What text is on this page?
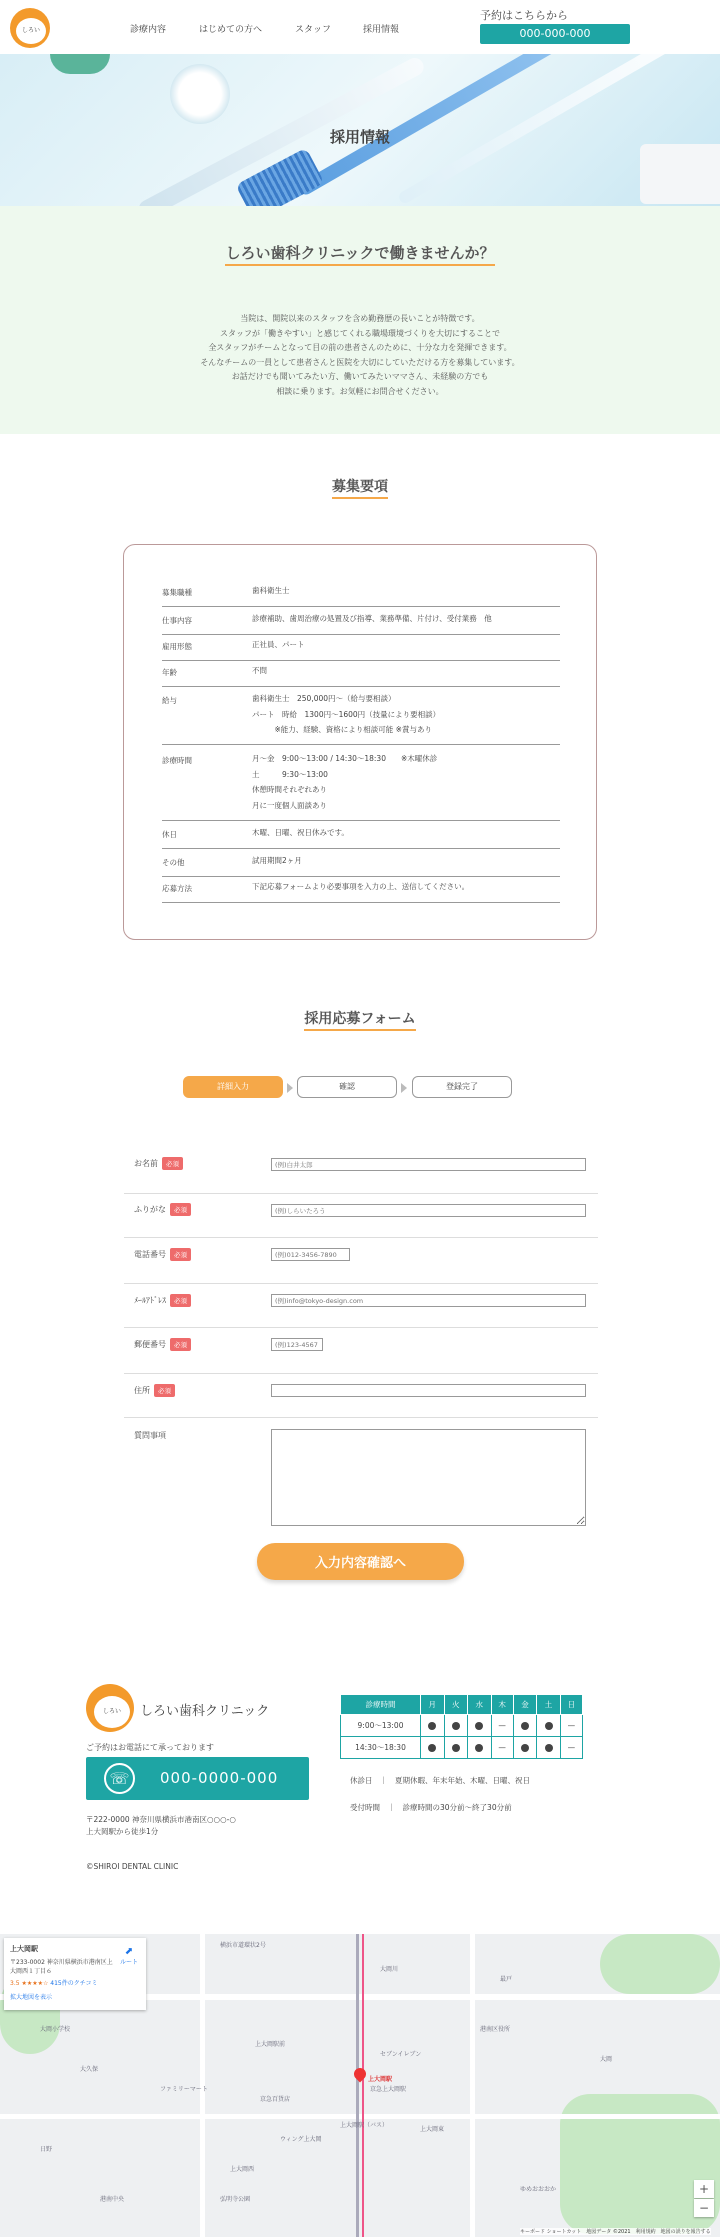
しろい	診療内容	はじめての方へ	スタッフ	採用情報
予約はこちらから
000-000-000
採用情報
しろい歯科クリニックで働きませんか？
当院は、開院以来のスタッフを含め勤務歴の長いことが特徴です。
スタッフが「働きやすい」と感じてくれる職場環境づくりを大切にすることで
全スタッフがチームとなって目の前の患者さんのために、十分な力を発揮できます。
そんなチームの一員として患者さんと医院を大切にしていただける方を募集しています。
お話だけでも聞いてみたい方、働いてみたいママさん、未経験の方でも
相談に乗ります。お気軽にお問合せください。
募集要項
募集職種	歯科衛生士
仕事内容	診療補助、歯周治療の処置及び指導、業務準備、片付け、受付業務　他
雇用形態	正社員、パート
年齢	不問
給与	歯科衛生士　250,000円〜（給与要相談）
パート　時給　1300円〜1600円（技量により要相談）
　　　※能力、経験、資格により相談可能 ※賞与あり
診療時間	月〜金　9:00〜13:00 / 14:30〜18:30　　※木曜休診
土　　　9:30〜13:00
休憩時間それぞれあり
月に一度個人面談あり
休日	木曜、日曜、祝日休みです。
その他	試用期間2ヶ月
応募方法	下記応募フォームより必要事項を入力の上、送信してください。
採用応募フォーム
詳細入力	確認	登録完了
お名前 必須
(例)白井太郎
ふりがな 必須
(例)しらいたろう
電話番号 必須
(例)012-3456-7890
ﾒｰﾙｱﾄﾞﾚｽ 必須
(例)info@tokyo-design.com
郵便番号 必須
(例)123-4567
住所 必須
質問事項
入力内容確認へ
しろい	しろい歯科クリニック
ご予約はお電話にて承っております
☏	000-0000-000
〒222-0000 神奈川県横浜市港南区○○○-○
上大岡駅から徒歩1分
©SHIROI DENTAL CLINIC
診療時間	月	火	水	木	金	土	日
9:00〜13:00				—			—
14:30〜18:30				—			—
休診日　｜　夏期休暇、年末年始、木曜、日曜、祝日
受付時間　｜　診療時間の30分前〜終了30分前
横浜市道環状2号
大岡川
上大岡駅前
セブンイレブン
ファミリーマート
京急百貨店
港南区役所
大久保
日野
最戸
上大岡東
ウィング上大岡
京急上大岡駅
大岡
弘明寺公園
港南中央
上大岡西
ゆめおおおか
大岡小学校
上大岡駅
上大岡駅（バス）
上大岡駅
〒233-0002 神奈川県横浜市港南区上
大岡西１丁目６
3.5 ★★★★☆ 415件のクチコミ
拡大地図を表示
⬈
ルート
キーボード ショートカット　地図データ ©2021　利用規約　地図の誤りを報告する
+
−
